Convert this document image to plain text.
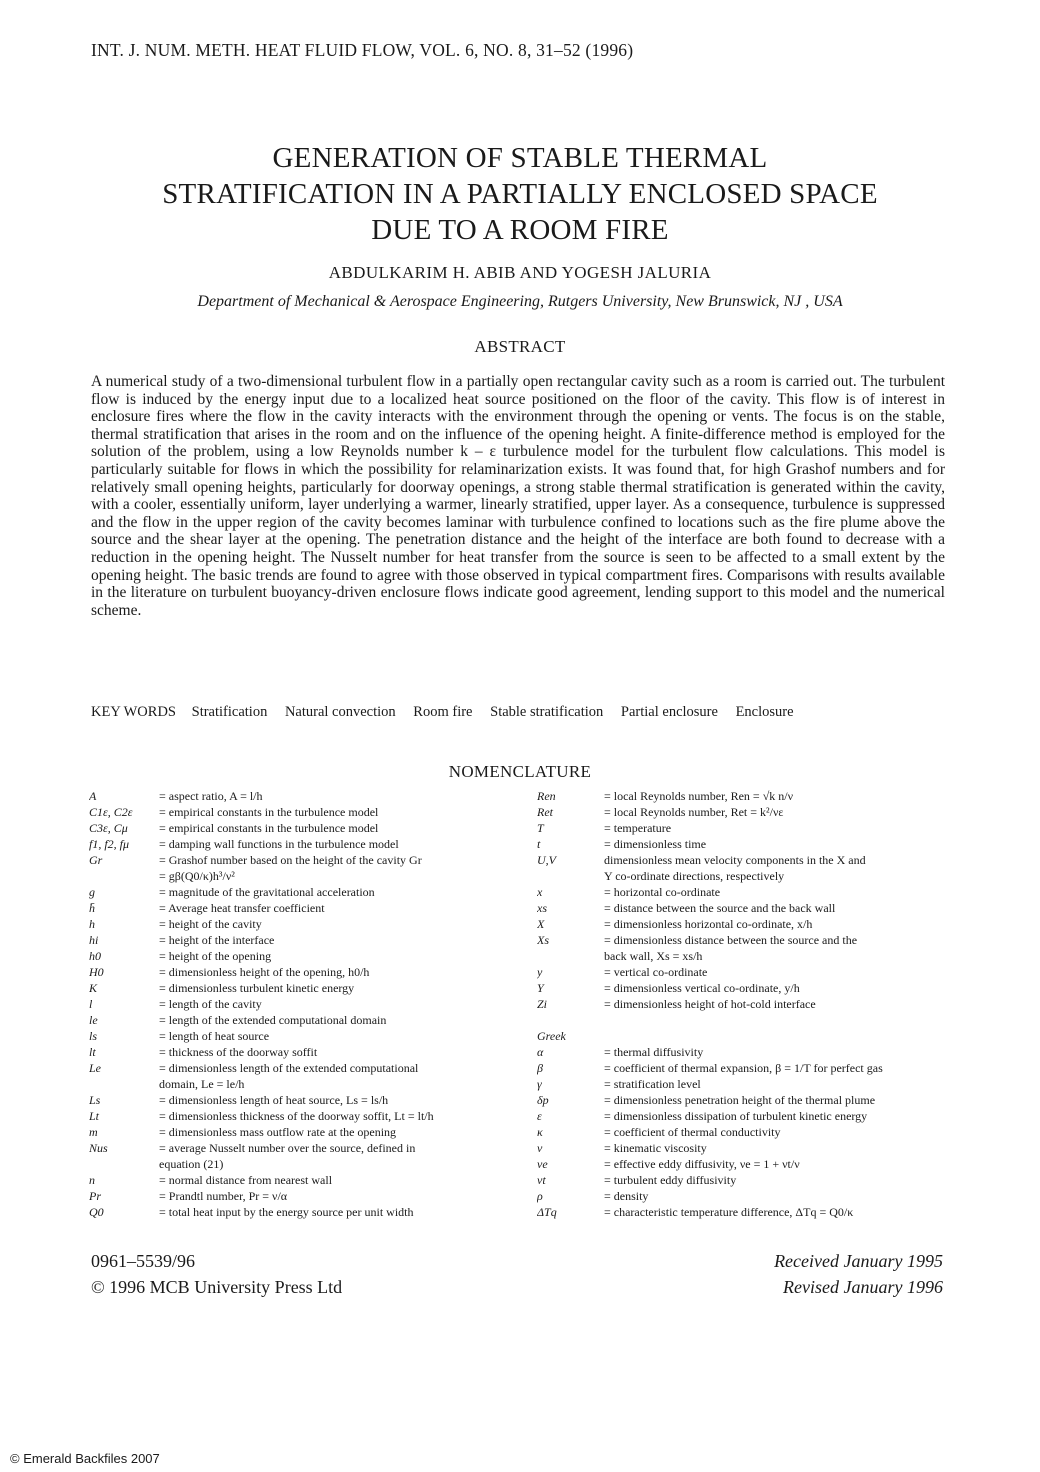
INT. J. NUM. METH. HEAT FLUID FLOW, VOL. 6, NO. 8, 31–52 (1996)
GENERATION OF STABLE THERMAL
STRATIFICATION IN A PARTIALLY ENCLOSED SPACE
DUE TO A ROOM FIRE
ABDULKARIM H. ABIB AND YOGESH JALURIA
Department of Mechanical & Aerospace Engineering, Rutgers University, New Brunswick, NJ , USA
ABSTRACT
A numerical study of a two-dimensional turbulent flow in a partially open rectangular cavity such as a room is carried out. The turbulent flow is induced by the energy input due to a localized heat source positioned on the floor of the cavity. This flow is of interest in enclosure fires where the flow in the cavity interacts with the environment through the opening or vents. The focus is on the stable, thermal stratification that arises in the room and on the influence of the opening height. A finite-difference method is employed for the solution of the problem, using a low Reynolds number k – ε turbulence model for the turbulent flow calculations. This model is particularly suitable for flows in which the possibility for relaminarization exists. It was found that, for high Grashof numbers and for relatively small opening heights, particularly for doorway openings, a strong stable thermal stratification is generated within the cavity, with a cooler, essentially uniform, layer underlying a warmer, linearly stratified, upper layer. As a consequence, turbulence is suppressed and the flow in the upper region of the cavity becomes laminar with turbulence confined to locations such as the fire plume above the source and the shear layer at the opening. The penetration distance and the height of the interface are both found to decrease with a reduction in the opening height. The Nusselt number for heat transfer from the source is seen to be affected to a small extent by the opening height. The basic trends are found to agree with those observed in typical compartment fires. Comparisons with results available in the literature on turbulent buoyancy-driven enclosure flows indicate good agreement, lending support to this model and the numerical scheme.
KEY WORDS Stratification Natural convection Room fire Stable stratification Partial enclosure Enclosure
NOMENCLATURE
A	= aspect ratio, A = l/h
C1ε, C2ε	= empirical constants in the turbulence model
C3ε, Cμ	= empirical constants in the turbulence model
f1, f2, fμ	= damping wall functions in the turbulence model
Gr	= Grashof number based on the height of the cavity Gr
= gβ(Q0/κ)h³/ν²
g	= magnitude of the gravitational acceleration
h̄	= Average heat transfer coefficient
h	= height of the cavity
hi	= height of the interface
h0	= height of the opening
H0	= dimensionless height of the opening, h0/h
K	= dimensionless turbulent kinetic energy
l	= length of the cavity
le	= length of the extended computational domain
ls	= length of heat source
lt	= thickness of the doorway soffit
Le	= dimensionless length of the extended computational
domain, Le = le/h
Ls	= dimensionless length of heat source, Ls = ls/h
Lt	= dimensionless thickness of the doorway soffit, Lt = lt/h
m	= dimensionless mass outflow rate at the opening
Nus	= average Nusselt number over the source, defined in
equation (21)
n	= normal distance from nearest wall
Pr	= Prandtl number, Pr = ν/α
Q0	= total heat input by the energy source per unit width
Ren	= local Reynolds number, Ren = √k n/ν
Ret	= local Reynolds number, Ret = k²/νε
T	= temperature
t	= dimensionless time
U,V	dimensionless mean velocity components in the X and
Y co-ordinate directions, respectively
x	= horizontal co-ordinate
xs	= distance between the source and the back wall
X	= dimensionless horizontal co-ordinate, x/h
Xs	= dimensionless distance between the source and the
back wall, Xs = xs/h
y	= vertical co-ordinate
Y	= dimensionless vertical co-ordinate, y/h
Zi	= dimensionless height of hot-cold interface

Greek
α	= thermal diffusivity
β	= coefficient of thermal expansion, β = 1/T for perfect gas
γ	= stratification level
δp	= dimensionless penetration height of the thermal plume
ε	= dimensionless dissipation of turbulent kinetic energy
κ	= coefficient of thermal conductivity
ν	= kinematic viscosity
νe	= effective eddy diffusivity, νe = 1 + νt/ν
νt	= turbulent eddy diffusivity
ρ	= density
ΔTq	= characteristic temperature difference, ΔTq = Q0/κ
0961–5539/96
© 1996 MCB University Press Ltd
Received January 1995
Revised January 1996
© Emerald Backfiles 2007
